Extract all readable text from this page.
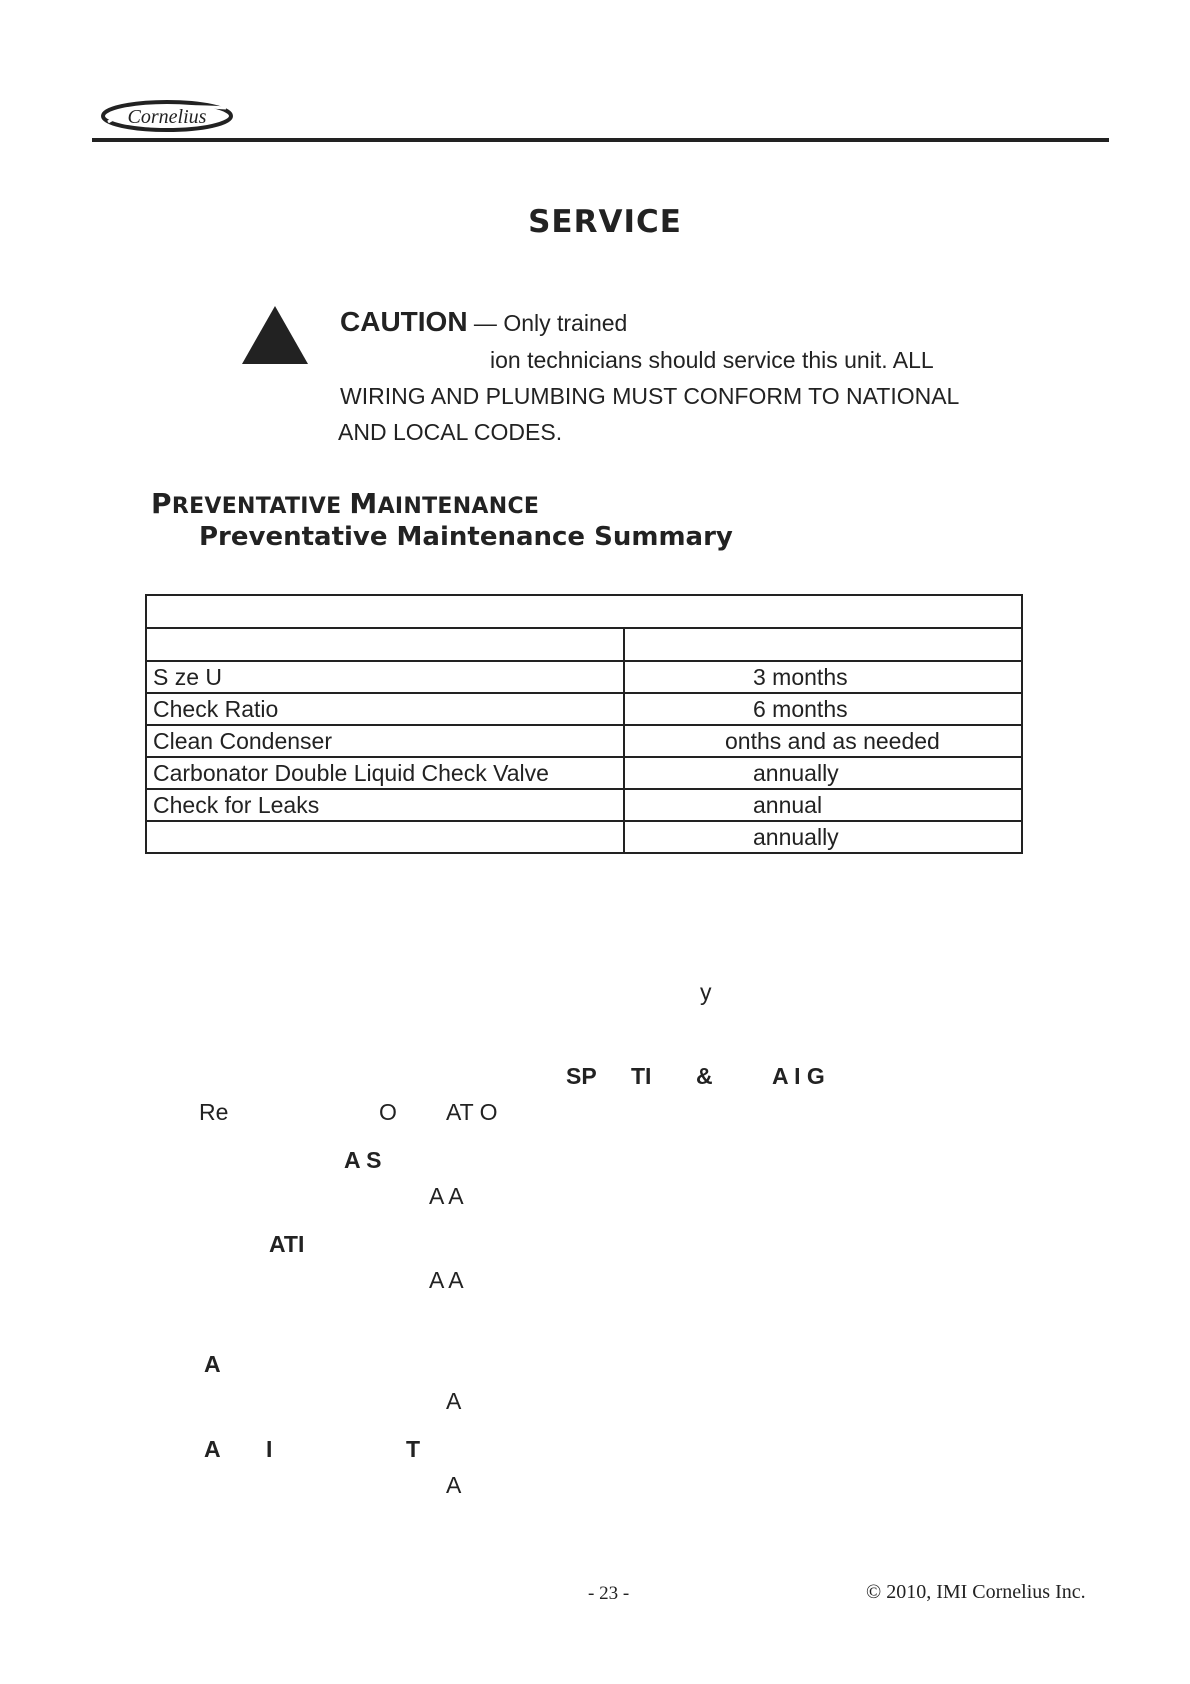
Cornelius
SERVICE
CAUTION — Only trained
ion technicians should service this unit. ALL
WIRING AND PLUMBING MUST CONFORM TO NATIONAL
AND LOCAL CODES.
PREVENTATIVE MAINTENANCE
Preventative Maintenance Summary

S ze U	3 months
Check Ratio	6 months
Clean Condenser	onths and as needed
Carbonator Double Liquid Check Valve	annually
Check for Leaks	annual
	annually
y
SP TI &	A I G
Re	O AT O
A S
A A
ATI
A A
A
A
A I	T
A
- 23 -	© 2010, IMI Cornelius Inc.
